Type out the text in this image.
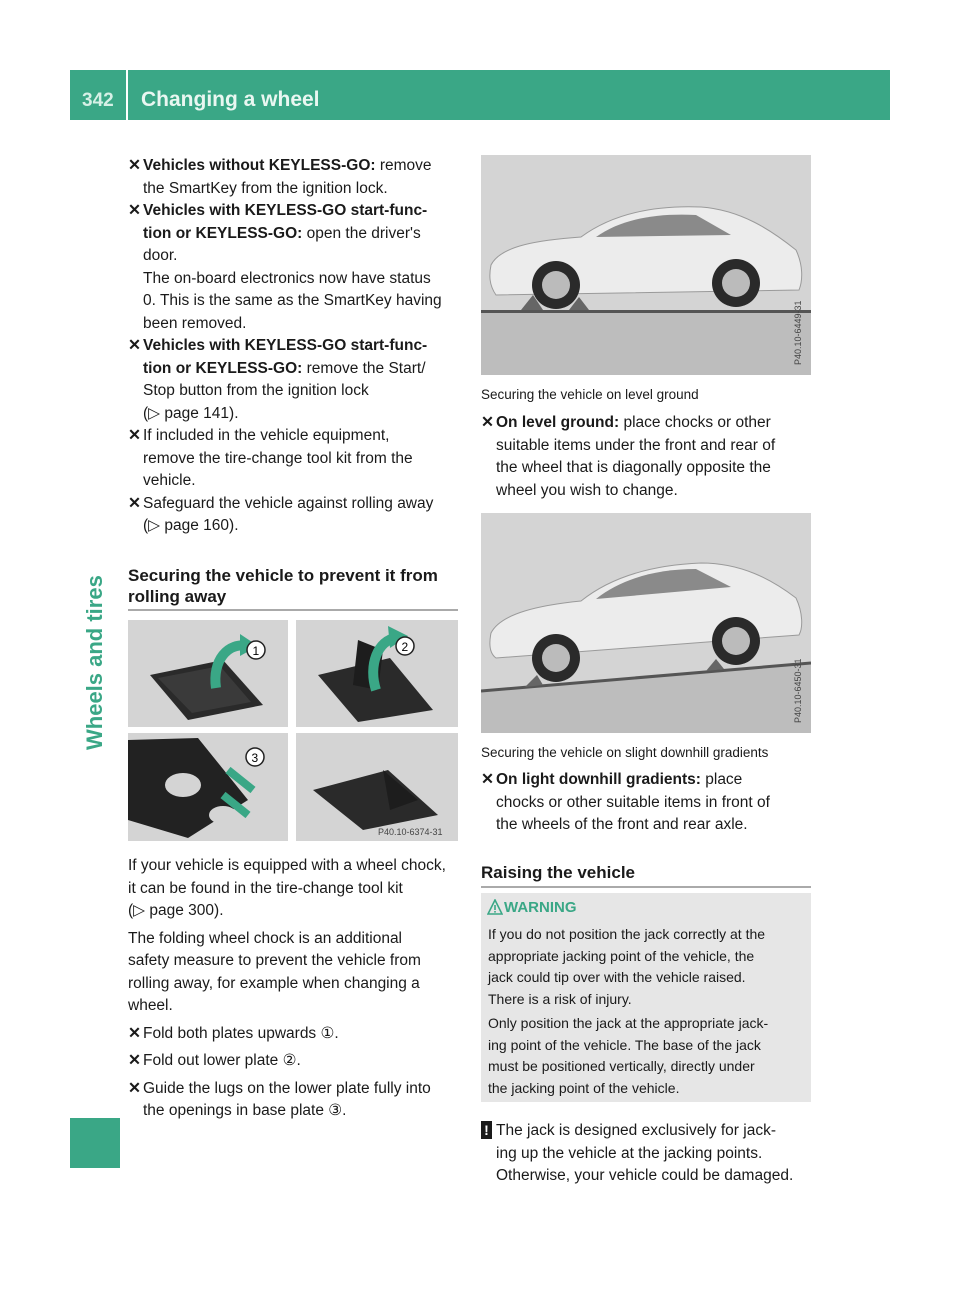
342 Changing a wheel
Wheels and tires
✕ Vehicles without KEYLESS-GO: remove

the SmartKey from the ignition lock.

✕ Vehicles with KEYLESS-GO start-func-

tion or KEYLESS-GO: open the driver's

door.

The on-board electronics now have status

0. This is the same as the SmartKey having

been removed.

✕ Vehicles with KEYLESS-GO start-func-

tion or KEYLESS-GO: remove the Start/

Stop button from the ignition lock

(▷ page 141).

✕ If included in the vehicle equipment,

remove the tire-change tool kit from the

vehicle.

✕ Safeguard the vehicle against rolling away

(▷ page 160).

Securing the vehicle to prevent it from
rolling away
1	2
3
P40.10-6374-31

If your vehicle is equipped with a wheel chock,

it can be found in the tire-change tool kit

(▷ page 300).

The folding wheel chock is an additional

safety measure to prevent the vehicle from

rolling away, for example when changing a

wheel.

✕ Fold both plates upwards ①.

✕ Fold out lower plate ②.

✕ Guide the lugs on the lower plate fully into

the openings in base plate ③.

P40.10-6449-31
Securing the vehicle on level ground
✕ On level ground: place chocks or other

suitable items under the front and rear of

the wheel that is diagonally opposite the

wheel you wish to change.

P40.10-6450-31
Securing the vehicle on slight downhill gradients
✕ On light downhill gradients: place

chocks or other suitable items in front of

the wheels of the front and rear axle.

Raising the vehicle
WARNING
If you do not position the jack correctly at the
appropriate jacking point of the vehicle, the
jack could tip over with the vehicle raised.
There is a risk of injury.
Only position the jack at the appropriate jack-
ing point of the vehicle. The base of the jack
must be positioned vertically, directly under
the jacking point of the vehicle.
! The jack is designed exclusively for jack-
ing up the vehicle at the jacking points.
Otherwise, your vehicle could be damaged.
